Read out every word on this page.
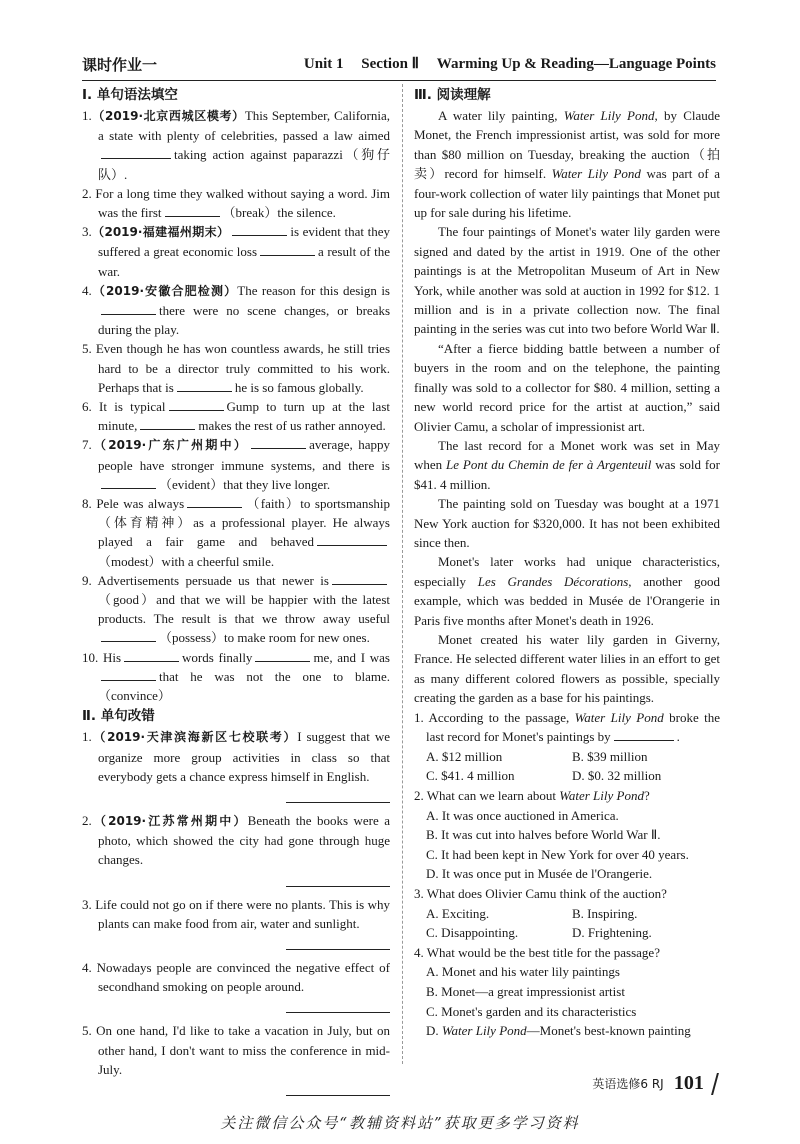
课时作业一	Unit 1 Section Ⅱ Warming Up & Reading—Language Points
Ⅰ. 单句语法填空

1.（2019·北京西城区模考）This September, California, a state with plenty of celebrities, passed a law aimedtaking action against paparazzi（狗仔队）.

2. For a long time they walked without saying a word. Jim was the first	（break）the silence.

3.（2019·福建福州期末）	is evident that they suffered a great economic loss	a result of the war.

4.（2019·安徽合肥检测）The reason for this design is there were no scene changes, or breaks during the play.

5. Even though he has won countless awards, he still tries hard to be a director truly committed to his work. Perhaps that is	he is so famous globally.

6. It is typical	Gump to turn up at the last minute,	makes the rest of us rather annoyed.

7.（2019·广东广州期中）	average, happy people have stronger immune systems, and there is（evident）that they live longer.

8. Pele was always	（faith）to sportsmanship（体育精神）as a professional player. He always played a fair game and behaved（modest）with a cheerful smile.

9. Advertisements persuade us that newer is（good）and that we will be happier with the latest products. The result is that we throw away useful（possess）to make room for new ones.

10. His	words finally	me, and I wasthat he was not the one to blame.（convince）

Ⅱ. 单句改错

1.（2019·天津滨海新区七校联考）I suggest that we organize more group activities in class so that everybody gets a chance express himself in English.

2.（2019·江苏常州期中）Beneath the books were a photo, which showed the city had gone through huge changes.

3. Life could not go on if there were no plants. This is why plants can make food from air, water and sunlight.

4. Nowadays people are convinced the negative effect of secondhand smoking on people around.

5. On one hand, I'd like to take a vacation in July, but on other hand, I don't want to miss the conference in mid-July.

Ⅲ. 阅读理解

A water lily painting, Water Lily Pond, by Claude Monet, the French impressionist artist, was sold for more than $80 million on Tuesday, breaking the auction（拍卖）record for himself. Water Lily Pond was part of a four-work collection of water lily paintings that Monet put up for sale during his lifetime.

The four paintings of Monet's water lily garden were signed and dated by the artist in 1919. One of the other paintings is at the Metropolitan Museum of Art in New York, while another was sold at auction in 1992 for $12. 1 million and is in a private collection now. The final painting in the series was cut into two before World War Ⅱ.

“After a fierce bidding battle between a number of buyers in the room and on the telephone, the painting finally was sold to a collector for $80. 4 million, setting a new world record price for the artist at auction,” said Olivier Camu, a scholar of impressionist art.

The last record for a Monet work was set in May when Le Pont du Chemin de fer à Argenteuil was sold for $41. 4 million.

The painting sold on Tuesday was bought at a 1971 New York auction for $320,000. It has not been exhibited since then.

Monet's later works had unique characteristics, especially Les Grandes Décorations, another good example, which was bedded in Musée de l'Orangerie in Paris five months after Monet's death in 1926.

Monet created his water lily garden in Giverny, France. He selected different water lilies in an effort to get as many different colored flowers as possible, specially creating the garden as a base for his paintings.

1. According to the passage, Water Lily Pond broke the last record for Monet's paintings by	.

A. $12 million	B. $39 million
C. $41. 4 million	D. $0. 32 million

2. What can we learn about Water Lily Pond?

A. It was once auctioned in America.

B. It was cut into halves before World War Ⅱ.

C. It had been kept in New York for over 40 years.

D. It was once put in Musée de l'Orangerie.

3. What does Olivier Camu think of the auction?

A. Exciting.	B. Inspiring.
C. Disappointing.	D. Frightening.

4. What would be the best title for the passage?

A. Monet and his water lily paintings

B. Monet—a great impressionist artist

C. Monet's garden and its characteristics

D. Water Lily Pond—Monet's best-known painting

英语选修6 RJ 101
关注微信公众号“教辅资料站”获取更多学习资料
